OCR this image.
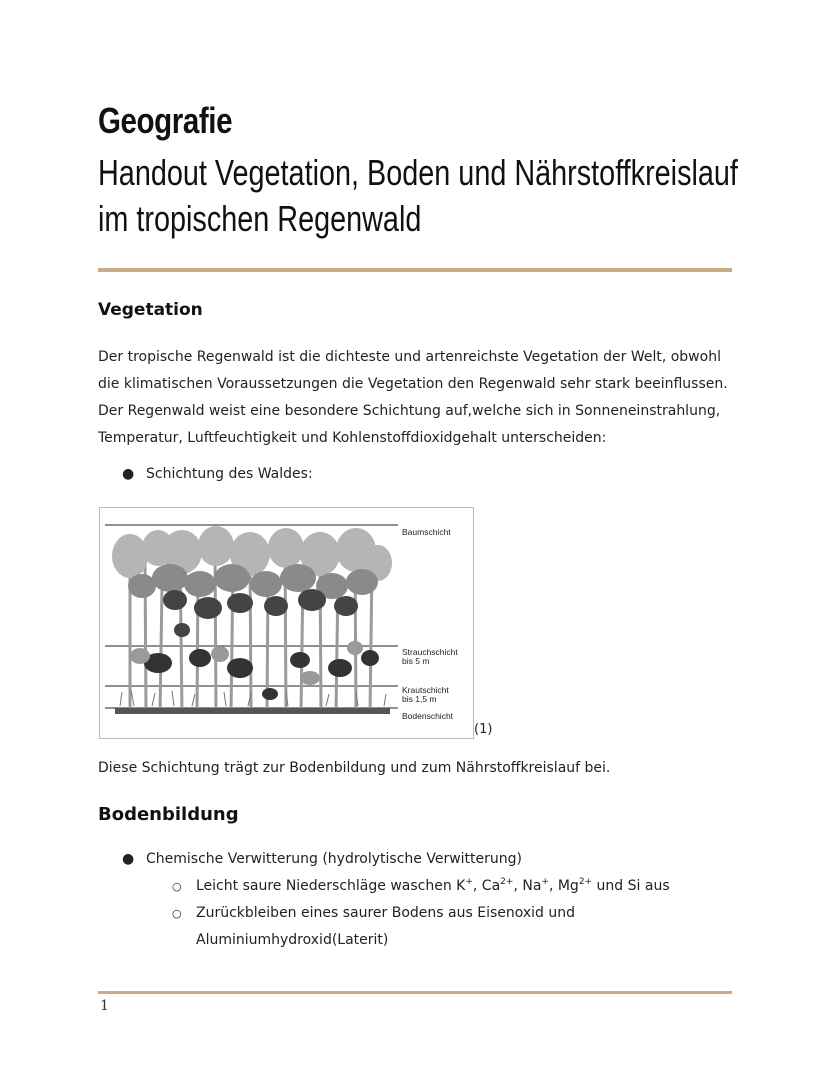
Geografie
Handout Vegetation, Boden und Nährstoffkreislauf
im tropischen Regenwald
Vegetation
Der tropische Regenwald ist die dichteste und artenreichste Vegetation der Welt, obwohl
die klimatischen Voraussetzungen die Vegetation den Regenwald sehr stark beeinflussen.
Der Regenwald weist eine besondere Schichtung auf,welche sich in Sonneneinstrahlung,
Temperatur, Luftfeuchtigkeit und Kohlenstoffdioxidgehalt unterscheiden:
● Schichtung des Waldes:
Baumschicht
Strauchschicht
bis 5 m
Krautschicht
bis 1,5 m
Bodenschicht
(1)
Diese Schichtung trägt zur Bodenbildung und zum Nährstoffkreislauf bei.
Bodenbildung
● Chemische Verwitterung (hydrolytische Verwitterung)
○ Leicht saure Niederschläge waschen K+, $Ca^{2+}$, Na+, $Mg^{2+}$ und Si aus
○ Zurückbleiben eines saurer Bodens aus Eisenoxid und
Aluminiumhydroxid(Laterit)
1
